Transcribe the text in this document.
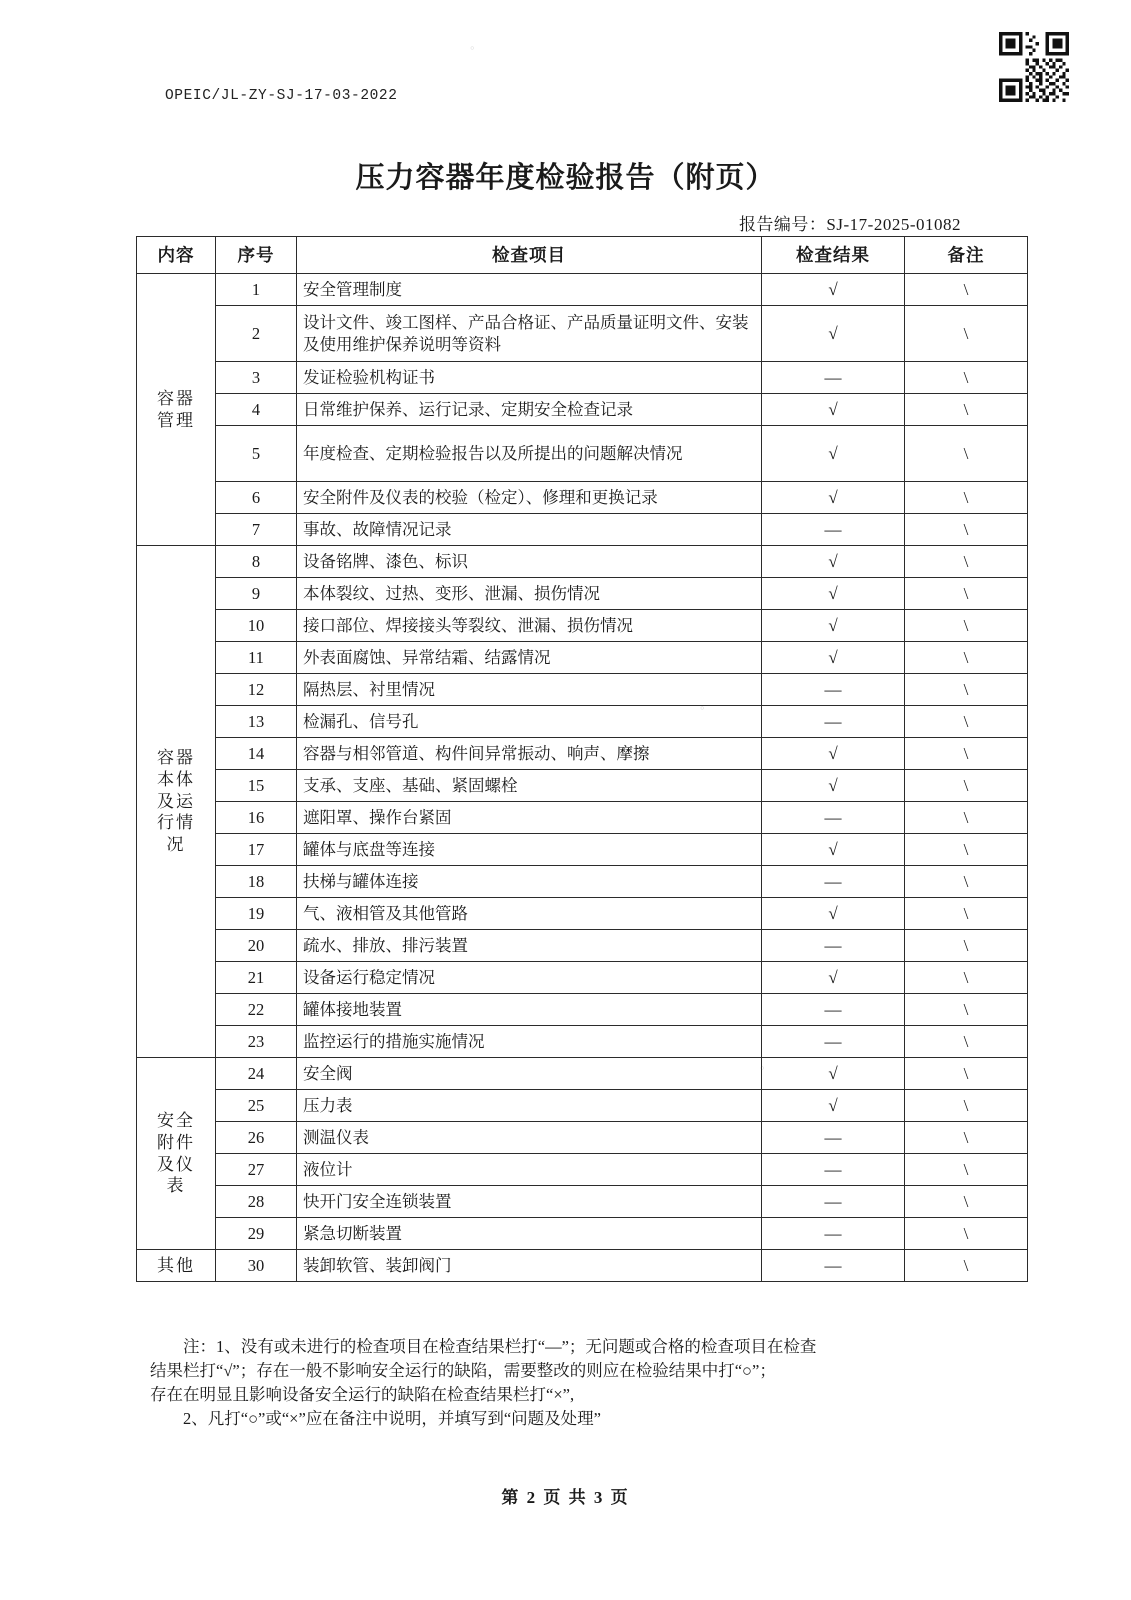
OPEIC/JL-ZY-SJ-17-03-2022
压力容器年度检验报告（附页）
报告编号：SJ-17-2025-01082
◦
◦
◦
内容	序号	检查项目	检查结果	备注

容器
管理	1	安全管理制度	√	\
	2	设计文件、竣工图样、产品合格证、产品质量证明文件、安装及使用维护保养说明等资料	√	\
	3	发证检验机构证书	—	\
	4	日常维护保养、运行记录、定期安全检查记录	√	\
	5	年度检查、定期检验报告以及所提出的问题解决情况	√	\
	6	安全附件及仪表的校验（检定）、修理和更换记录	√	\
	7	事故、故障情况记录	—	\

容器
本体
及运
行情
况	8	设备铭牌、漆色、标识	√	\
	9	本体裂纹、过热、变形、泄漏、损伤情况	√	\
	10	接口部位、焊接接头等裂纹、泄漏、损伤情况	√	\
	11	外表面腐蚀、异常结霜、结露情况	√	\
	12	隔热层、衬里情况	—	\
	13	检漏孔、信号孔	—	\
	14	容器与相邻管道、构件间异常振动、响声、摩擦	√	\
	15	支承、支座、基础、紧固螺栓	√	\
	16	遮阳罩、操作台紧固	—	\
	17	罐体与底盘等连接	√	\
	18	扶梯与罐体连接	—	\
	19	气、液相管及其他管路	√	\
	20	疏水、排放、排污装置	—	\
	21	设备运行稳定情况	√	\
	22	罐体接地装置	—	\
	23	监控运行的措施实施情况	—	\

安全
附件
及仪
表	24	安全阀	√	\
	25	压力表	√	\
	26	测温仪表	—	\
	27	液位计	—	\
	28	快开门安全连锁装置	—	\
	29	紧急切断装置	—	\

其他	30	装卸软管、装卸阀门	—	\

注：1、没有或未进行的检查项目在检查结果栏打“—”；无问题或合格的检查项目在检查

结果栏打“√”；存在一般不影响安全运行的缺陷，需要整改的则应在检验结果中打“○”；

存在在明显且影响设备安全运行的缺陷在检查结果栏打“×”,

2、凡打“○”或“×”应在备注中说明，并填写到“问题及处理”

第 2 页 共 3 页
